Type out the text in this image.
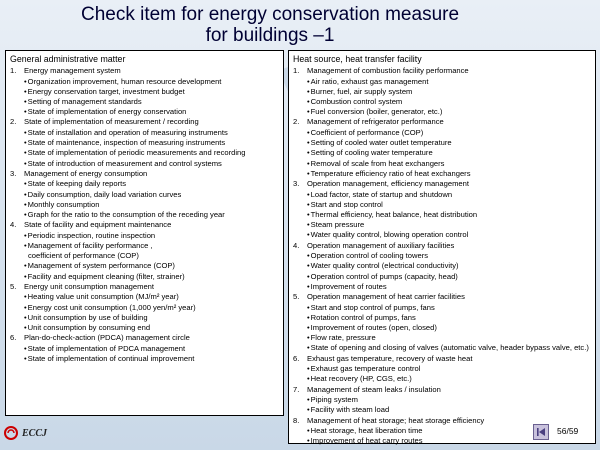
Check item for energy conservation measure
for buildings –1
General administrative matter
1.	Energy management system
• Organization improvement, human resource development
• Energy conservation target, investment budget
• Setting of management standards
• State of implementation of energy conservation
2.	State of implementation of measurement / recording
• State of installation and operation of measuring instruments
• State of maintenance, inspection of measuring instruments
• State of implementation of periodic measurements and recording
• State of introduction of measurement and control systems
3.	Management of energy consumption
• State of keeping daily reports
• Daily consumption, daily load variation curves
• Monthly consumption
• Graph for the ratio to the consumption of the receding year
4.	State of facility and equipment maintenance
• Periodic inspection, routine inspection
• Management of facility performance ,
coefficient of performance (COP)
• Management of system performance (COP)
• Facility and equipment cleaning (filter, strainer)
5.	Energy unit consumption management
• Heating value unit consumption (MJ/m² year)
• Energy cost unit consumption (1,000 yen/m² year)
• Unit consumption by use of building
• Unit consumption by consuming end
6.	Plan-do-check-action (PDCA) management circle
• State of implementation of PDCA management
• State of implementation of continual improvement
Heat source, heat transfer facility
1.	Management of combustion facility performance
• Air ratio, exhaust gas management
• Burner, fuel, air supply system
• Combustion control system
• Fuel conversion (boiler, generator, etc.)
2.	Management of refrigerator performance
• Coefficient of performance (COP)
• Setting of cooled water outlet temperature
• Setting of cooling water temperature
• Removal of scale from heat exchangers
• Temperature efficiency ratio of heat exchangers
3.	Operation management, efficiency management
• Load factor, state of startup and shutdown
• Start and stop control
• Thermal efficiency, heat balance, heat distribution
• Steam pressure
• Water quality control, blowing operation control
4.	Operation management of auxiliary facilities
• Operation control of cooling towers
• Water quality control (electrical conductivity)
• Operation control of pumps (capacity, head)
• Improvement of routes
5.	Operation management of heat carrier facilities
• Start and stop control of pumps, fans
• Rotation control of pumps, fans
• Improvement of routes (open, closed)
• Flow rate, pressure
• State of opening and closing of valves (automatic valve, header bypass valve, etc.)
6.	Exhaust gas temperature, recovery of waste heat
• Exhaust gas temperature control
• Heat recovery (HP, CGS, etc.)
7.	Management of steam leaks / insulation
• Piping system
• Facility with steam load
8.	Management of heat storage; heat storage efficiency
• Heat storage, heat liberation time
• Improvement of heat carry routes
ECCJ	56/59
